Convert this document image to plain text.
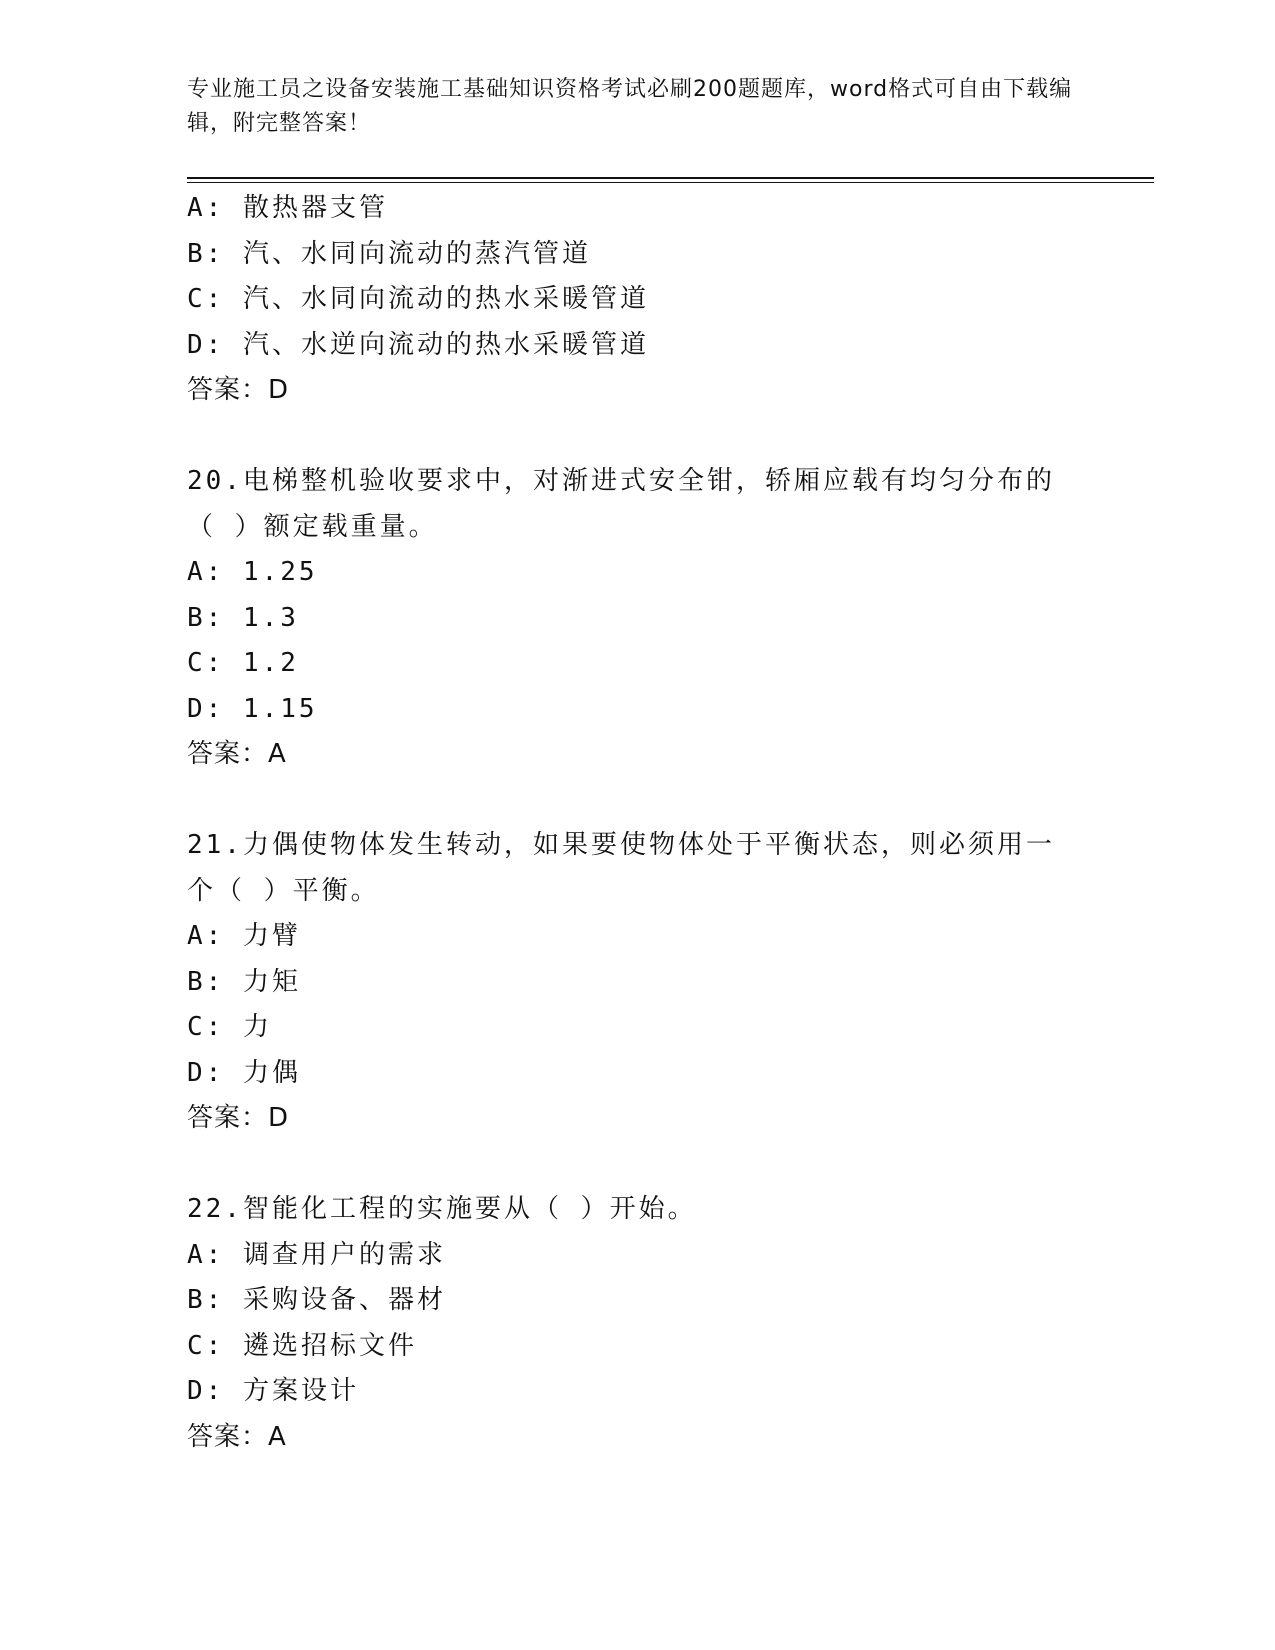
专业施工员之设备安装施工基础知识资格考试必刷200题题库，word格式可自由下载编辑，附完整答案！
A: 散热器支管
B: 汽、水同向流动的蒸汽管道
C: 汽、水同向流动的热水采暖管道
D: 汽、水逆向流动的热水采暖管道
答案：D
20.电梯整机验收要求中，对渐进式安全钳，轿厢应载有均匀分布的（ ）额定载重量。
A: 1.25
B: 1.3
C: 1.2
D: 1.15
答案：A
21.力偶使物体发生转动，如果要使物体处于平衡状态，则必须用一个（ ）平衡。
A: 力臂
B: 力矩
C: 力
D: 力偶
答案：D
22.智能化工程的实施要从（ ）开始。
A: 调查用户的需求
B: 采购设备、器材
C: 遴选招标文件
D: 方案设计
答案：A
